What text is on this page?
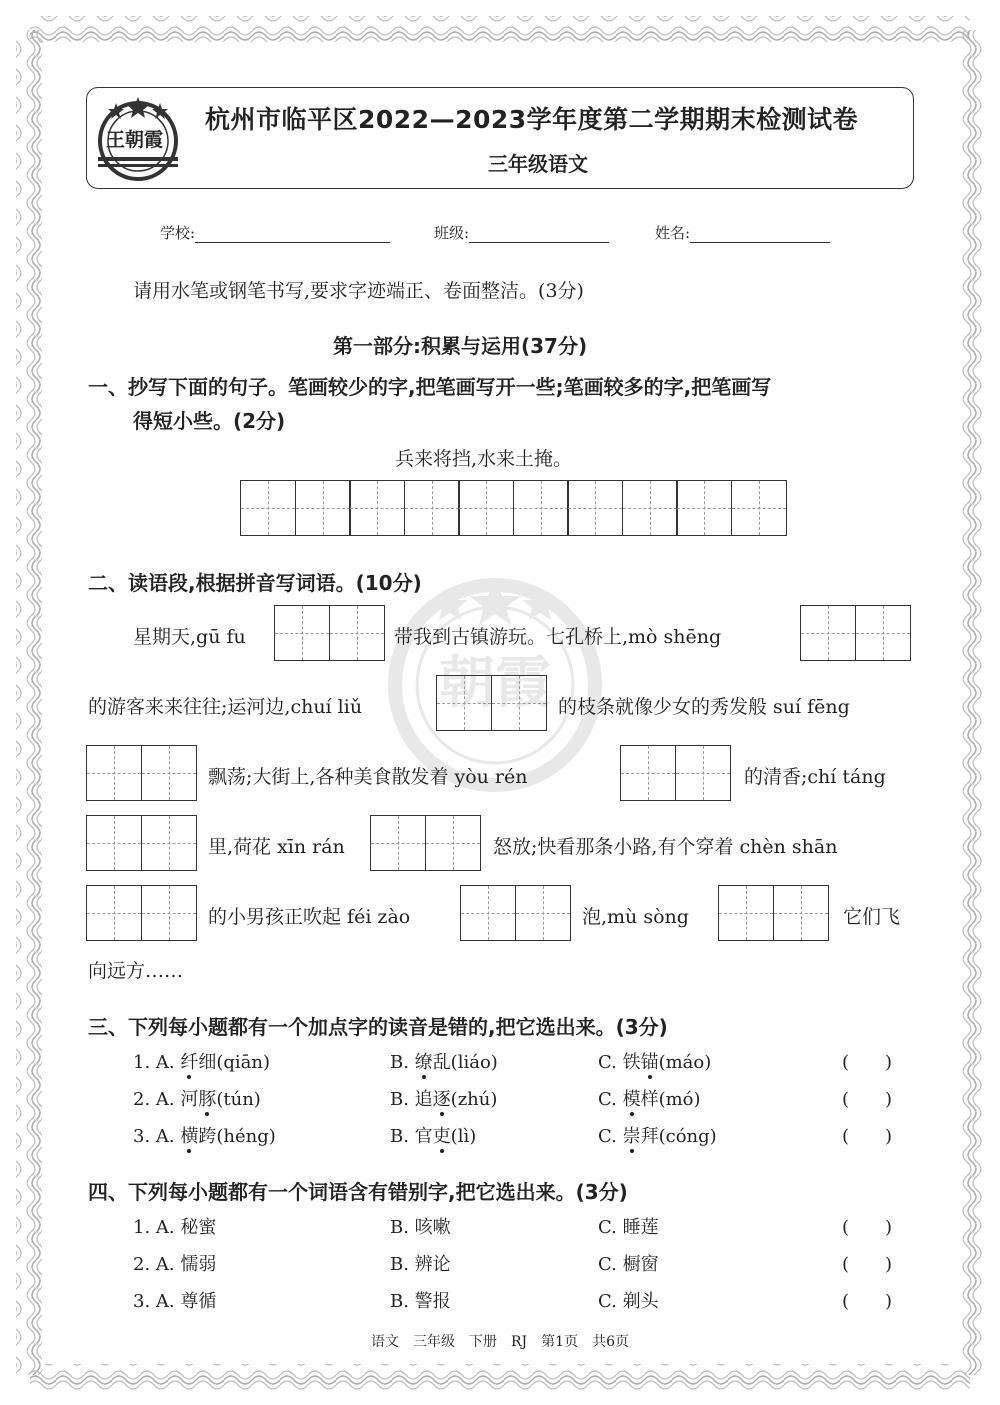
朝霞
王朝霞
杭州市临平区2022—2023学年度第二学期期末检测试卷
三年级语文
学校:	班级:	姓名:
请用水笔或钢笔书写,要求字迹端正、卷面整洁。(3分)
第一部分:积累与运用(37分)
一、抄写下面的句子。笔画较少的字,把笔画写开一些;笔画较多的字,把笔画写
得短小些。(2分)
兵来将挡,水来土掩。
二、读语段,根据拼音写词语。(10分)
星期天,gū fu	带我到古镇游玩。七孔桥上,mò shēng
的游客来来往往;运河边,chuí liǔ	的枝条就像少女的秀发般 suí fēng
飘荡;大街上,各种美食散发着 yòu rén	的清香;chí táng
里,荷花 xīn rán	怒放;快看那条小路,有个穿着 chèn shān
的小男孩正吹起 féi zào	泡,mù sòng	它们飞
向远方……
三、下列每小题都有一个加点字的读音是错的,把它选出来。(3分)
1. A. 纤细(qiān)	B. 缭乱(liáo)	C. 铁锚(máo)	(　　)
2. A. 河豚(tún)	B. 追逐(zhú)	C. 模样(mó)	(　　)
3. A. 横跨(héng)	B. 官吏(lì)	C. 崇拜(cóng)	(　　)
四、下列每小题都有一个词语含有错别字,把它选出来。(3分)
1. A. 秘蜜	B. 咳嗽	C. 睡莲	(　　)
2. A. 懦弱	B. 辨论	C. 橱窗	(　　)
3. A. 尊循	B. 警报	C. 剃头	(　　)
语文　三年级　下册　RJ　第1页　共6页
